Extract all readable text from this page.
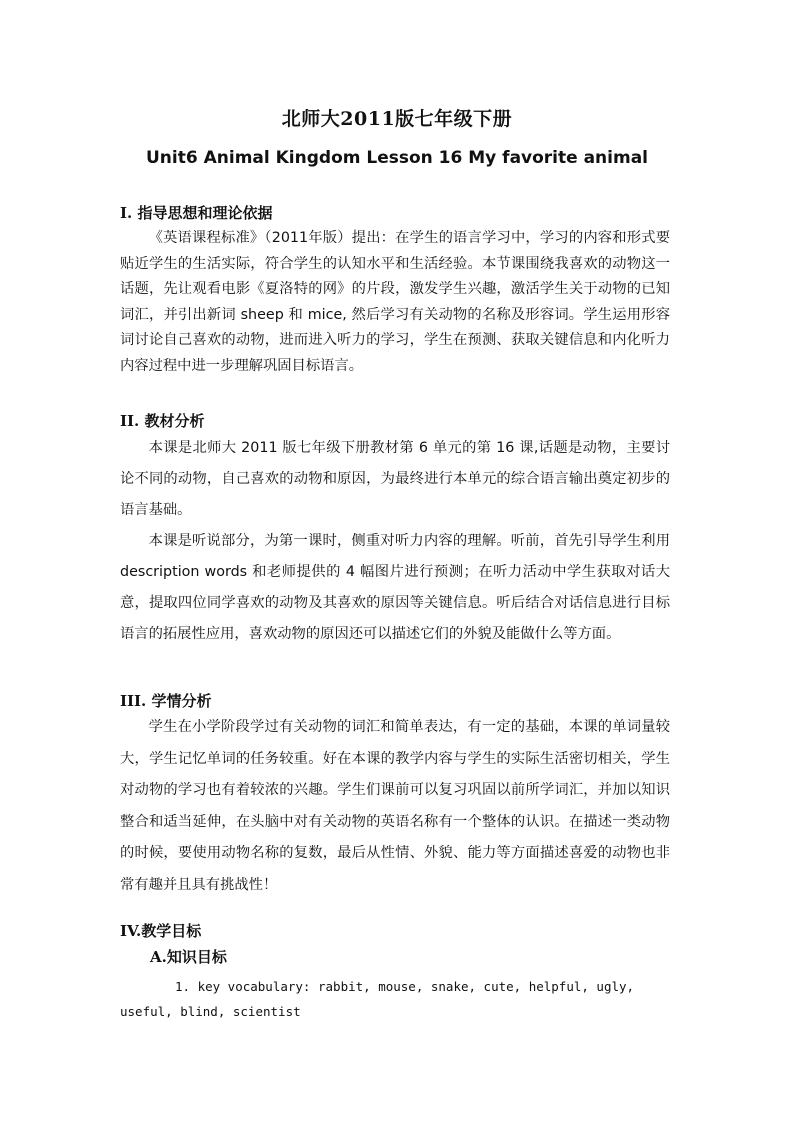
北师大2011版七年级下册
Unit6 Animal Kingdom Lesson 16 My favorite animal
I. 指导思想和理论依据

《英语课程标准》（2011年版）提出：在学生的语言学习中，学习的内容和形式要贴近学生的生活实际，符合学生的认知水平和生活经验。本节课围绕我喜欢的动物这一话题，先让观看电影《夏洛特的网》的片段，激发学生兴趣，激活学生关于动物的已知词汇，并引出新词 sheep 和 mice, 然后学习有关动物的名称及形容词。学生运用形容词讨论自己喜欢的动物，进而进入听力的学习，学生在预测、获取关键信息和内化听力内容过程中进一步理解巩固目标语言。

II. 教材分析

本课是北师大 2011 版七年级下册教材第 6 单元的第 16 课,话题是动物，主要讨论不同的动物，自己喜欢的动物和原因，为最终进行本单元的综合语言输出奠定初步的语言基础。

本课是听说部分，为第一课时，侧重对听力内容的理解。听前，首先引导学生利用 description words 和老师提供的 4 幅图片进行预测；在听力活动中学生获取对话大意，提取四位同学喜欢的动物及其喜欢的原因等关键信息。听后结合对话信息进行目标语言的拓展性应用，喜欢动物的原因还可以描述它们的外貌及能做什么等方面。

III. 学情分析

学生在小学阶段学过有关动物的词汇和简单表达，有一定的基础，本课的单词量较大，学生记忆单词的任务较重。好在本课的教学内容与学生的实际生活密切相关，学生对动物的学习也有着较浓的兴趣。学生们课前可以复习巩固以前所学词汇，并加以知识整合和适当延伸，在头脑中对有关动物的英语名称有一个整体的认识。在描述一类动物的时候，要使用动物名称的复数，最后从性情、外貌、能力等方面描述喜爱的动物也非常有趣并且具有挑战性！

IV.教学目标
A.知识目标

1. key vocabulary: rabbit, mouse, snake, cute, helpful, ugly, useful, blind, scientist
